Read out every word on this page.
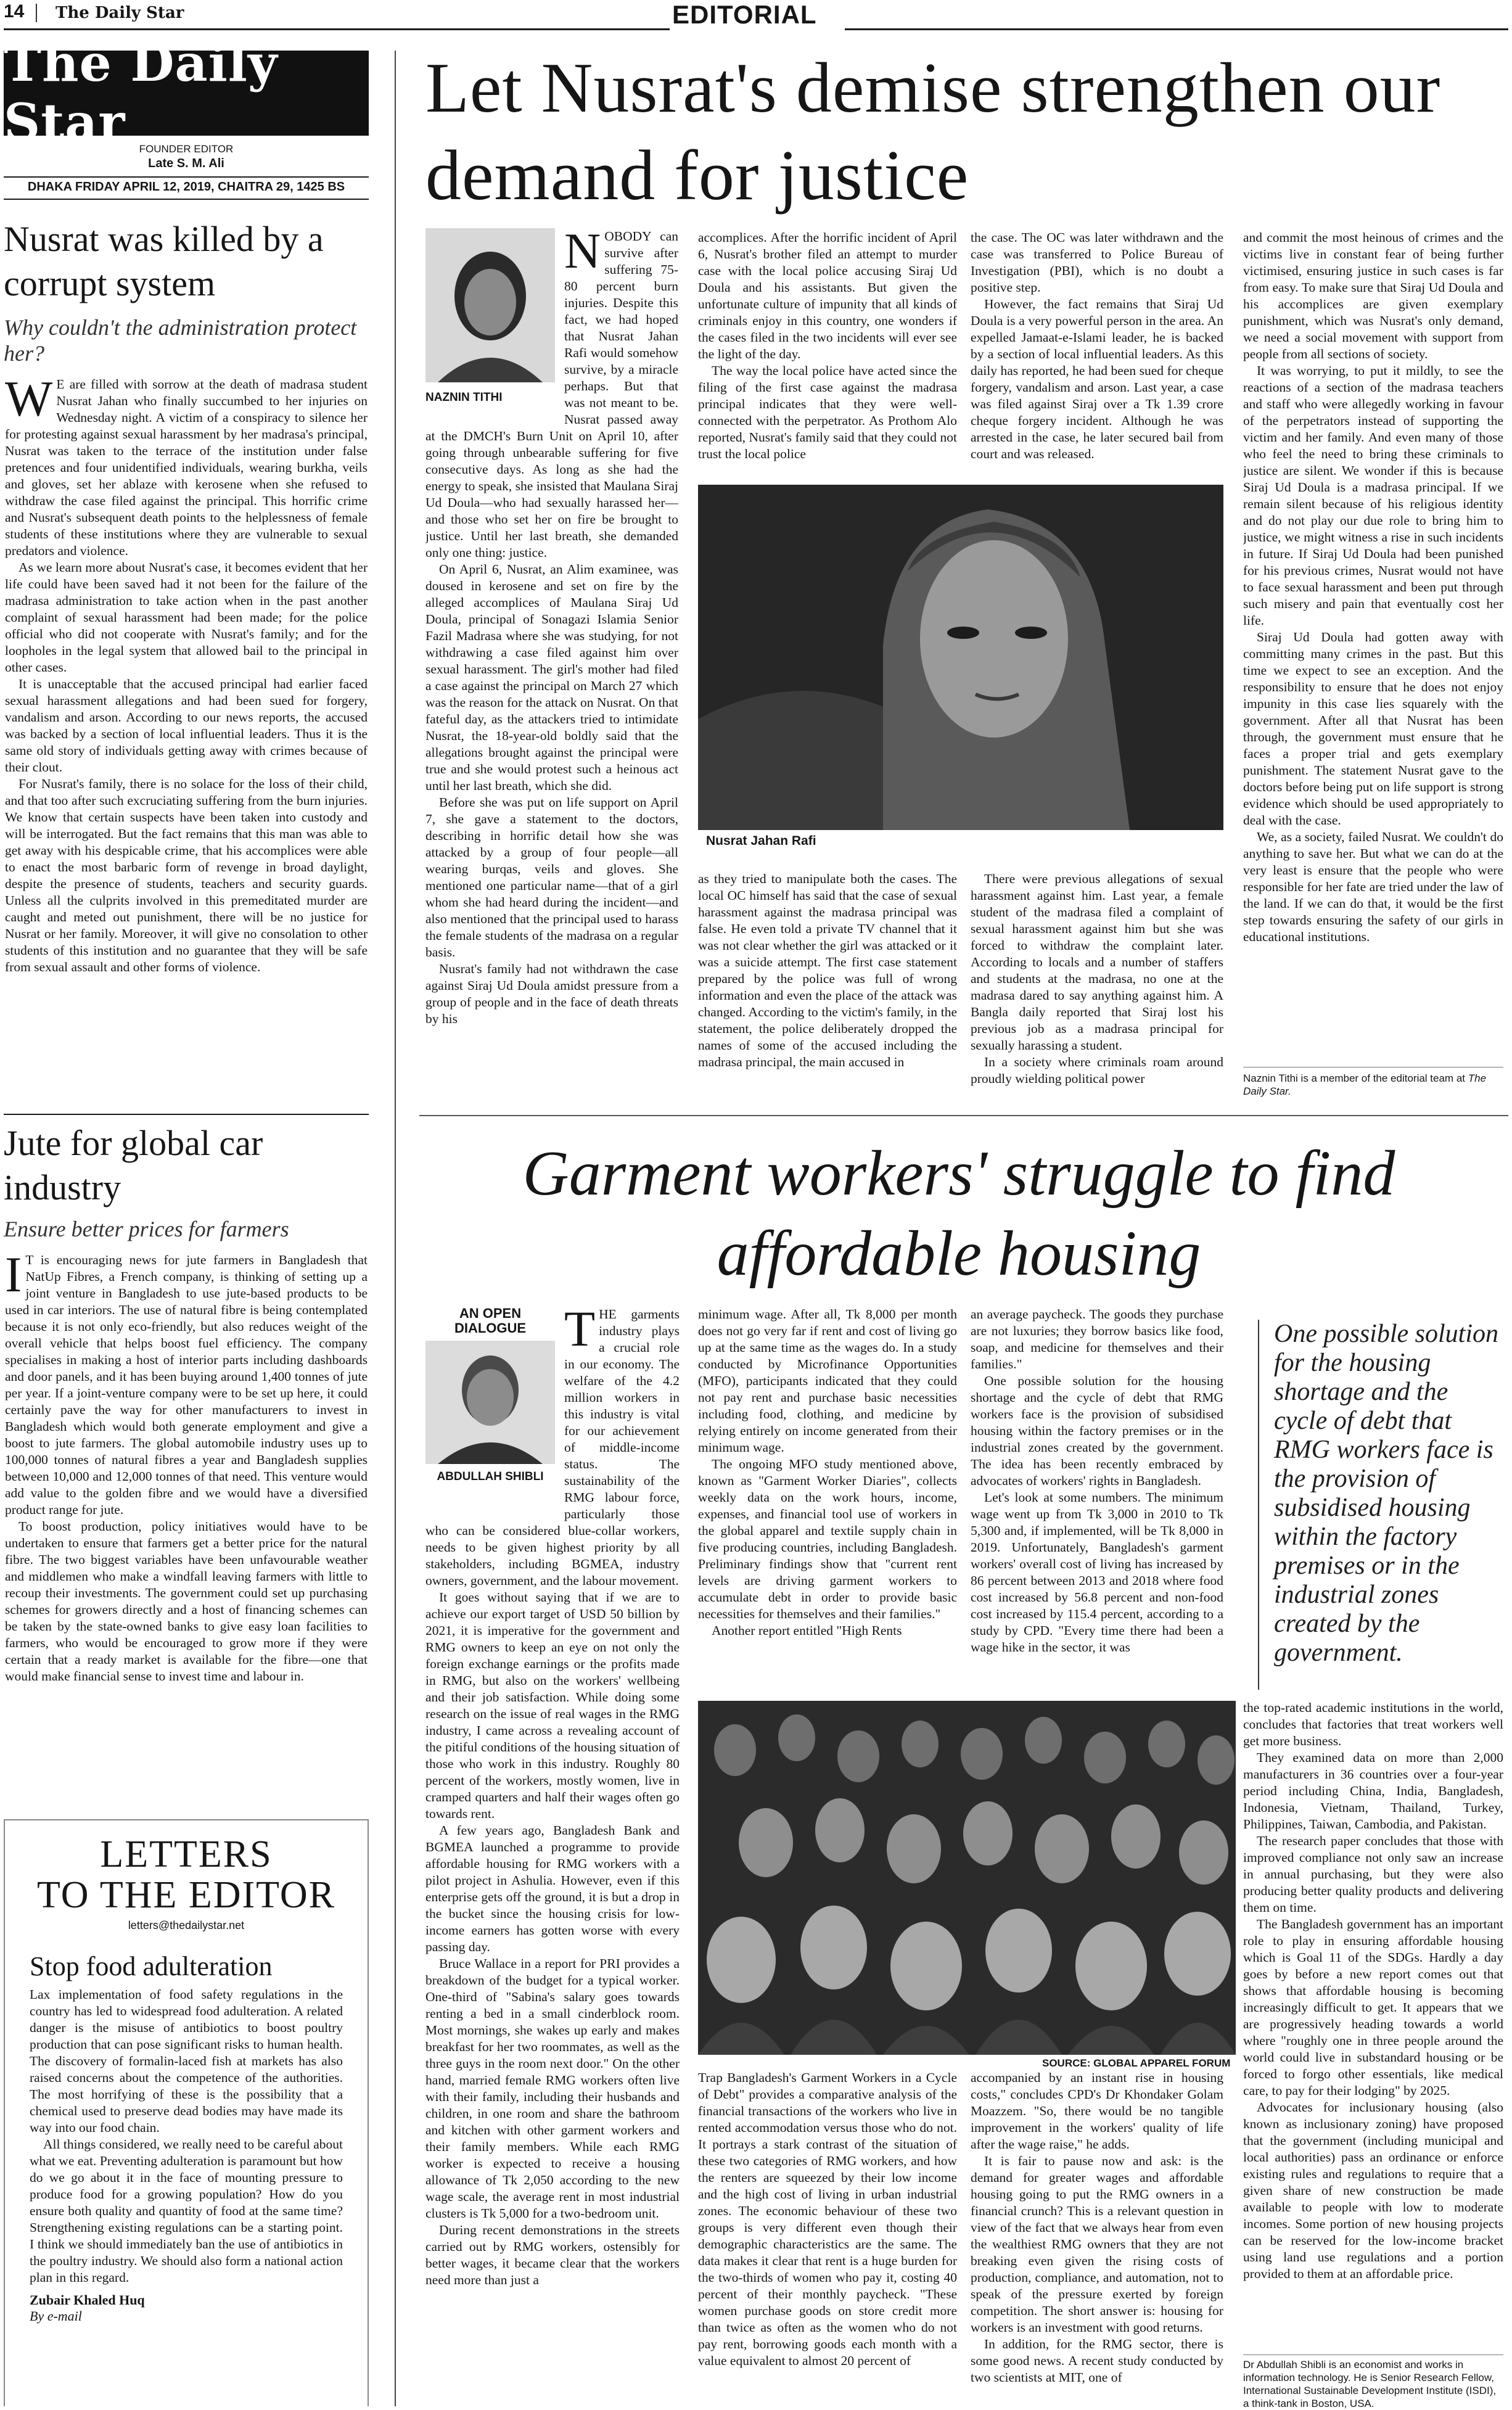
14 The Daily Star	EDITORIAL
The Daily Star	FOUNDER EDITOR
Late S. M. Ali
DHAKA FRIDAY APRIL 12, 2019, CHAITRA 29, 1425 BS
Nusrat was killed by a corrupt system
Why couldn't the administration protect her?
W E are filled with sorrow at the death of madrasa student Nusrat Jahan who finally succumbed to her injuries on Wednesday night. A victim of a conspiracy to silence her for protesting against sexual harassment by her madrasa's principal, Nusrat was taken to the terrace of the institution under false pretences and four unidentified individuals, wearing burkha, veils and gloves, set her ablaze with kerosene when she refused to withdraw the case filed against the principal. This horrific crime and Nusrat's subsequent death points to the helplessness of female students of these institutions where they are vulnerable to sexual predators and violence.

As we learn more about Nusrat's case, it becomes evident that her life could have been saved had it not been for the failure of the madrasa administration to take action when in the past another complaint of sexual harassment had been made; for the police official who did not cooperate with Nusrat's family; and for the loopholes in the legal system that allowed bail to the principal in other cases.

It is unacceptable that the accused principal had earlier faced sexual harassment allegations and had been sued for forgery, vandalism and arson. According to our news reports, the accused was backed by a section of local influential leaders. Thus it is the same old story of individuals getting away with crimes because of their clout.

For Nusrat's family, there is no solace for the loss of their child, and that too after such excruciating suffering from the burn injuries. We know that certain suspects have been taken into custody and will be interrogated. But the fact remains that this man was able to get away with his despicable crime, that his accomplices were able to enact the most barbaric form of revenge in broad daylight, despite the presence of students, teachers and security guards. Unless all the culprits involved in this premeditated murder are caught and meted out punishment, there will be no justice for Nusrat or her family. Moreover, it will give no consolation to other students of this institution and no guarantee that they will be safe from sexual assault and other forms of violence.

Jute for global car industry
Ensure better prices for farmers
I T is encouraging news for jute farmers in Bangladesh that NatUp Fibres, a French company, is thinking of setting up a joint venture in Bangladesh to use jute-based products to be used in car interiors. The use of natural fibre is being contemplated because it is not only eco-friendly, but also reduces weight of the overall vehicle that helps boost fuel efficiency. The company specialises in making a host of interior parts including dashboards and door panels, and it has been buying around 1,400 tonnes of jute per year. If a joint-venture company were to be set up here, it could certainly pave the way for other manufacturers to invest in Bangladesh which would both generate employment and give a boost to jute farmers. The global automobile industry uses up to 100,000 tonnes of natural fibres a year and Bangladesh supplies between 10,000 and 12,000 tonnes of that need. This venture would add value to the golden fibre and we would have a diversified product range for jute.

To boost production, policy initiatives would have to be undertaken to ensure that farmers get a better price for the natural fibre. The two biggest variables have been unfavourable weather and middlemen who make a windfall leaving farmers with little to recoup their investments. The government could set up purchasing schemes for growers directly and a host of financing schemes can be taken by the state-owned banks to give easy loan facilities to farmers, who would be encouraged to grow more if they were certain that a ready market is available for the fibre—one that would make financial sense to invest time and labour in.

LETTERS
TO THE EDITOR
letters@thedailystar.net
Stop food adulteration

Lax implementation of food safety regulations in the country has led to widespread food adulteration. A related danger is the misuse of antibiotics to boost poultry production that can pose significant risks to human health. The discovery of formalin-laced fish at markets has also raised concerns about the competence of the authorities. The most horrifying of these is the possibility that a chemical used to preserve dead bodies may have made its way into our food chain.

All things considered, we really need to be careful about what we eat. Preventing adulteration is paramount but how do we go about it in the face of mounting pressure to produce food for a growing population? How do you ensure both quality and quantity of food at the same time? Strengthening existing regulations can be a starting point. I think we should immediately ban the use of antibiotics in the poultry industry. We should also form a national action plan in this regard.

Zubair Khaled Huq
By e-mail
Let Nusrat's demise strengthen our demand for justice
NAZNIN TITHI
N OBODY can survive after suffering 75-80 percent burn injuries. Despite this fact, we had hoped that Nusrat Jahan Rafi would somehow survive, by a miracle perhaps. But that was not meant to be. Nusrat passed away at the DMCH's Burn Unit on April 10, after going through unbearable suffering for five consecutive days. As long as she had the energy to speak, she insisted that Maulana Siraj Ud Doula—who had sexually harassed her—and those who set her on fire be brought to justice. Until her last breath, she demanded only one thing: justice.

On April 6, Nusrat, an Alim examinee, was doused in kerosene and set on fire by the alleged accomplices of Maulana Siraj Ud Doula, principal of Sonagazi Islamia Senior Fazil Madrasa where she was studying, for not withdrawing a case filed against him over sexual harassment. The girl's mother had filed a case against the principal on March 27 which was the reason for the attack on Nusrat. On that fateful day, as the attackers tried to intimidate Nusrat, the 18-year-old boldly said that the allegations brought against the principal were true and she would protest such a heinous act until her last breath, which she did.

Before she was put on life support on April 7, she gave a statement to the doctors, describing in horrific detail how she was attacked by a group of four people—all wearing burqas, veils and gloves. She mentioned one particular name—that of a girl whom she had heard during the incident—and also mentioned that the principal used to harass the female students of the madrasa on a regular basis.

Nusrat's family had not withdrawn the case against Siraj Ud Doula amidst pressure from a group of people and in the face of death threats by his

accomplices. After the horrific incident of April 6, Nusrat's brother filed an attempt to murder case with the local police accusing Siraj Ud Doula and his assistants. But given the unfortunate culture of impunity that all kinds of criminals enjoy in this country, one wonders if the cases filed in the two incidents will ever see the light of the day.

The way the local police have acted since the filing of the first case against the madrasa principal indicates that they were well-connected with the perpetrator. As Prothom Alo reported, Nusrat's family said that they could not trust the local police

the case. The OC was later withdrawn and the case was transferred to Police Bureau of Investigation (PBI), which is no doubt a positive step.

However, the fact remains that Siraj Ud Doula is a very powerful person in the area. An expelled Jamaat-e-Islami leader, he is backed by a section of local influential leaders. As this daily has reported, he had been sued for cheque forgery, vandalism and arson. Last year, a case was filed against Siraj over a Tk 1.39 crore cheque forgery incident. Although he was arrested in the case, he later secured bail from court and was released.

Nusrat Jahan Rafi

as they tried to manipulate both the cases. The local OC himself has said that the case of sexual harassment against the madrasa principal was false. He even told a private TV channel that it was not clear whether the girl was attacked or it was a suicide attempt. The first case statement prepared by the police was full of wrong information and even the place of the attack was changed. According to the victim's family, in the statement, the police deliberately dropped the names of some of the accused including the madrasa principal, the main accused in

There were previous allegations of sexual harassment against him. Last year, a female student of the madrasa filed a complaint of sexual harassment against him but she was forced to withdraw the complaint later. According to locals and a number of staffers and students at the madrasa, no one at the madrasa dared to say anything against him. A Bangla daily reported that Siraj lost his previous job as a madrasa principal for sexually harassing a student.

In a society where criminals roam around proudly wielding political power

and commit the most heinous of crimes and the victims live in constant fear of being further victimised, ensuring justice in such cases is far from easy. To make sure that Siraj Ud Doula and his accomplices are given exemplary punishment, which was Nusrat's only demand, we need a social movement with support from people from all sections of society.

It was worrying, to put it mildly, to see the reactions of a section of the madrasa teachers and staff who were allegedly working in favour of the perpetrators instead of supporting the victim and her family. And even many of those who feel the need to bring these criminals to justice are silent. We wonder if this is because Siraj Ud Doula is a madrasa principal. If we remain silent because of his religious identity and do not play our due role to bring him to justice, we might witness a rise in such incidents in future. If Siraj Ud Doula had been punished for his previous crimes, Nusrat would not have to face sexual harassment and been put through such misery and pain that eventually cost her life.

Siraj Ud Doula had gotten away with committing many crimes in the past. But this time we expect to see an exception. And the responsibility to ensure that he does not enjoy impunity in this case lies squarely with the government. After all that Nusrat has been through, the government must ensure that he faces a proper trial and gets exemplary punishment. The statement Nusrat gave to the doctors before being put on life support is strong evidence which should be used appropriately to deal with the case.

We, as a society, failed Nusrat. We couldn't do anything to save her. But what we can do at the very least is ensure that the people who were responsible for her fate are tried under the law of the land. If we can do that, it would be the first step towards ensuring the safety of our girls in educational institutions.

Naznin Tithi is a member of the editorial team at The Daily Star.
Garment workers' struggle to find affordable housing
AN OPEN
DIALOGUE
ABDULLAH SHIBLI
T HE garments industry plays a crucial role in our economy. The welfare of the 4.2 million workers in this industry is vital for our achievement of middle-income status. The sustainability of the RMG labour force, particularly those who can be considered blue-collar workers, needs to be given highest priority by all stakeholders, including BGMEA, industry owners, government, and the labour movement.

It goes without saying that if we are to achieve our export target of USD 50 billion by 2021, it is imperative for the government and RMG owners to keep an eye on not only the foreign exchange earnings or the profits made in RMG, but also on the workers' wellbeing and their job satisfaction. While doing some research on the issue of real wages in the RMG industry, I came across a revealing account of the pitiful conditions of the housing situation of those who work in this industry. Roughly 80 percent of the workers, mostly women, live in cramped quarters and half their wages often go towards rent.

A few years ago, Bangladesh Bank and BGMEA launched a programme to provide affordable housing for RMG workers with a pilot project in Ashulia. However, even if this enterprise gets off the ground, it is but a drop in the bucket since the housing crisis for low-income earners has gotten worse with every passing day.

Bruce Wallace in a report for PRI provides a breakdown of the budget for a typical worker. One-third of "Sabina's salary goes towards renting a bed in a small cinderblock room. Most mornings, she wakes up early and makes breakfast for her two roommates, as well as the three guys in the room next door." On the other hand, married female RMG workers often live with their family, including their husbands and children, in one room and share the bathroom and kitchen with other garment workers and their family members. While each RMG worker is expected to receive a housing allowance of Tk 2,050 according to the new wage scale, the average rent in most industrial clusters is Tk 5,000 for a two-bedroom unit.

During recent demonstrations in the streets carried out by RMG workers, ostensibly for better wages, it became clear that the workers need more than just a

minimum wage. After all, Tk 8,000 per month does not go very far if rent and cost of living go up at the same time as the wages do. In a study conducted by Microfinance Opportunities (MFO), participants indicated that they could not pay rent and purchase basic necessities including food, clothing, and medicine by relying entirely on income generated from their minimum wage.

The ongoing MFO study mentioned above, known as "Garment Worker Diaries", collects weekly data on the work hours, income, expenses, and financial tool use of workers in the global apparel and textile supply chain in five producing countries, including Bangladesh. Preliminary findings show that "current rent levels are driving garment workers to accumulate debt in order to provide basic necessities for themselves and their families."

Another report entitled "High Rents

an average paycheck. The goods they purchase are not luxuries; they borrow basics like food, soap, and medicine for themselves and their families."

One possible solution for the housing shortage and the cycle of debt that RMG workers face is the provision of subsidised housing within the factory premises or in the industrial zones created by the government. The idea has been recently embraced by advocates of workers' rights in Bangladesh.

Let's look at some numbers. The minimum wage went up from Tk 3,000 in 2010 to Tk 5,300 and, if implemented, will be Tk 8,000 in 2019. Unfortunately, Bangladesh's garment workers' overall cost of living has increased by 86 percent between 2013 and 2018 where food cost increased by 56.8 percent and non-food cost increased by 115.4 percent, according to a study by CPD. "Every time there had been a wage hike in the sector, it was

One possible solution for the housing shortage and the cycle of debt that RMG workers face is the provision of subsidised housing within the factory premises or in the industrial zones created by the government.
SOURCE: GLOBAL APPAREL FORUM

Trap Bangladesh's Garment Workers in a Cycle of Debt" provides a comparative analysis of the financial transactions of the workers who live in rented accommodation versus those who do not. It portrays a stark contrast of the situation of these two categories of RMG workers, and how the renters are squeezed by their low income and the high cost of living in urban industrial zones. The economic behaviour of these two groups is very different even though their demographic characteristics are the same. The data makes it clear that rent is a huge burden for the two-thirds of women who pay it, costing 40 percent of their monthly paycheck. "These women purchase goods on store credit more than twice as often as the women who do not pay rent, borrowing goods each month with a value equivalent to almost 20 percent of

accompanied by an instant rise in housing costs," concludes CPD's Dr Khondaker Golam Moazzem. "So, there would be no tangible improvement in the workers' quality of life after the wage raise," he adds.

It is fair to pause now and ask: is the demand for greater wages and affordable housing going to put the RMG owners in a financial crunch? This is a relevant question in view of the fact that we always hear from even the wealthiest RMG owners that they are not breaking even given the rising costs of production, compliance, and automation, not to speak of the pressure exerted by foreign competition. The short answer is: housing for workers is an investment with good returns.

In addition, for the RMG sector, there is some good news. A recent study conducted by two scientists at MIT, one of

the top-rated academic institutions in the world, concludes that factories that treat workers well get more business.

They examined data on more than 2,000 manufacturers in 36 countries over a four-year period including China, India, Bangladesh, Indonesia, Vietnam, Thailand, Turkey, Philippines, Taiwan, Cambodia, and Pakistan.

The research paper concludes that those with improved compliance not only saw an increase in annual purchasing, but they were also producing better quality products and delivering them on time.

The Bangladesh government has an important role to play in ensuring affordable housing which is Goal 11 of the SDGs. Hardly a day goes by before a new report comes out that shows that affordable housing is becoming increasingly difficult to get. It appears that we are progressively heading towards a world where "roughly one in three people around the world could live in substandard housing or be forced to forgo other essentials, like medical care, to pay for their lodging" by 2025.

Advocates for inclusionary housing (also known as inclusionary zoning) have proposed that the government (including municipal and local authorities) pass an ordinance or enforce existing rules and regulations to require that a given share of new construction be made available to people with low to moderate incomes. Some portion of new housing projects can be reserved for the low-income bracket using land use regulations and a portion provided to them at an affordable price.

Dr Abdullah Shibli is an economist and works in information technology. He is Senior Research Fellow, International Sustainable Development Institute (ISDI), a think-tank in Boston, USA.
